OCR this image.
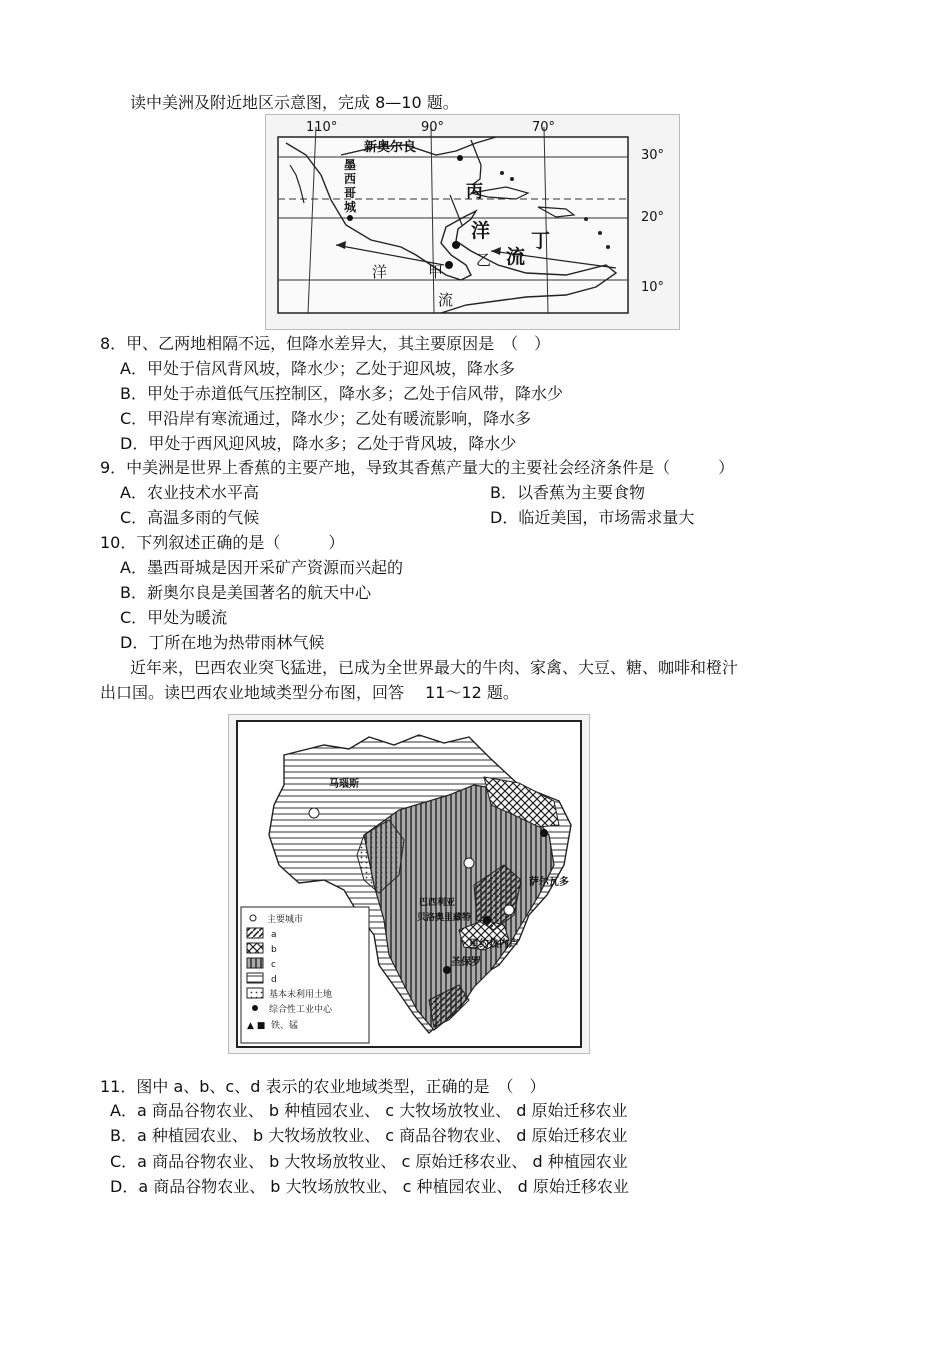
读中美洲及附近地区示意图，完成 8—10 题。
110°	90°	70°
30°
20°
10°
新奥尔良
墨
西
哥
城
丙
洋
流
丁
乙
洋	甲
流
8．甲、乙两地相隔不远，但降水差异大，其主要原因是　（　）
A．甲处于信风背风坡，降水少；乙处于迎风坡，降水多
B．甲处于赤道低气压控制区，降水多；乙处于信风带，降水少
C．甲沿岸有寒流通过，降水少；乙处有暖流影响，降水多
D．甲处于西风迎风坡，降水多；乙处于背风坡，降水少
9．中美洲是世界上香蕉的主要产地，导致其香蕉产量大的主要社会经济条件是（　　　）
A．农业技术水平高	B．以香蕉为主要食物
C．高温多雨的气候	D．临近美国，市场需求量大
10．下列叙述正确的是（　　　）
A．墨西哥城是因开采矿产资源而兴起的
B．新奥尔良是美国著名的航天中心
C．甲处为暖流
D．丁所在地为热带雨林气候
近年来，巴西农业突飞猛进，已成为全世界最大的牛肉、家禽、大豆、糖、咖啡和橙汁
出口国。读巴西农业地域类型分布图，回答　 11～12 题。
马瑙斯
萨尔瓦多
巴西利亚
贝洛奥里藏特
里约热内卢
圣保罗
主要城市
a
b
c
d
基本未利用土地
综合性工业中心
▲ ■ 铁、锰
11．图中 a、b、c、d 表示的农业地域类型，正确的是　（　）
A．a 商品谷物农业、 b 种植园农业、 c 大牧场放牧业、 d 原始迁移农业
B．a 种植园农业、 b 大牧场放牧业、 c 商品谷物农业、 d 原始迁移农业
C．a 商品谷物农业、 b 大牧场放牧业、 c 原始迁移农业、 d 种植园农业
D．a 商品谷物农业、 b 大牧场放牧业、 c 种植园农业、 d 原始迁移农业
